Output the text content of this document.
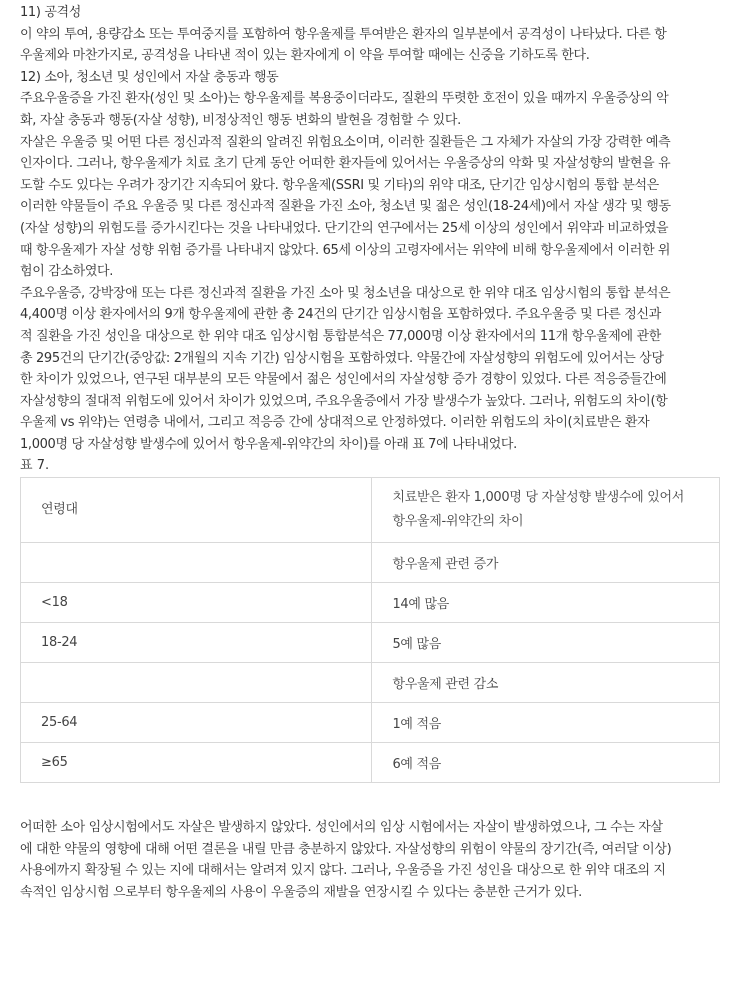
11) 공격성
이 약의 투여, 용량감소 또는 투여중지를 포함하여 항우울제를 투여받은 환자의 일부분에서 공격성이 나타났다. 다른 항
우울제와 마찬가지로, 공격성을 나타낸 적이 있는 환자에게 이 약을 투여할 때에는 신중을 기하도록 한다.
12) 소아, 청소년 및 성인에서 자살 충동과 행동
주요우울증을 가진 환자(성인 및 소아)는 항우울제를 복용중이더라도, 질환의 뚜렷한 호전이 있을 때까지 우울증상의 악
화, 자살 충동과 행동(자살 성향), 비정상적인 행동 변화의 발현을 경험할 수 있다.
자살은 우울증 및 어떤 다른 정신과적 질환의 알려진 위험요소이며, 이러한 질환들은 그 자체가 자살의 가장 강력한 예측
인자이다. 그러나, 항우울제가 치료 초기 단계 동안 어떠한 환자들에 있어서는 우울증상의 악화 및 자살성향의 발현을 유
도할 수도 있다는 우려가 장기간 지속되어 왔다. 항우울제(SSRI 및 기타)의 위약 대조, 단기간 임상시험의 통합 분석은
이러한 약물들이 주요 우울증 및 다른 정신과적 질환을 가진 소아, 청소년 및 젊은 성인(18-24세)에서 자살 생각 및 행동
(자살 성향)의 위험도를 증가시킨다는 것을 나타내었다. 단기간의 연구에서는 25세 이상의 성인에서 위약과 비교하였을
때 항우울제가 자살 성향 위험 증가를 나타내지 않았다. 65세 이상의 고령자에서는 위약에 비해 항우울제에서 이러한 위
험이 감소하였다.
주요우울증, 강박장애 또는 다른 정신과적 질환을 가진 소아 및 청소년을 대상으로 한 위약 대조 임상시험의 통합 분석은
4,400명 이상 환자에서의 9개 항우울제에 관한 총 24건의 단기간 임상시험을 포함하였다. 주요우울증 및 다른 정신과
적 질환을 가진 성인을 대상으로 한 위약 대조 임상시험 통합분석은 77,000명 이상 환자에서의 11개 항우울제에 관한
총 295건의 단기간(중앙값: 2개월의 지속 기간) 임상시험을 포함하였다. 약물간에 자살성향의 위험도에 있어서는 상당
한 차이가 있었으나, 연구된 대부분의 모든 약물에서 젊은 성인에서의 자살성향 증가 경향이 있었다. 다른 적응증들간에
자살성향의 절대적 위험도에 있어서 차이가 있었으며, 주요우울증에서 가장 발생수가 높았다. 그러나, 위험도의 차이(항
우울제 vs 위약)는 연령층 내에서, 그리고 적응증 간에 상대적으로 안정하였다. 이러한 위험도의 차이(치료받은 환자
1,000명 당 자살성향 발생수에 있어서 항우울제-위약간의 차이)를 아래 표 7에 나타내었다.
표 7.
연령대	치료받은 환자 1,000명 당 자살성향 발생수에 있어서
항우울제-위약간의 차이

	항우울제 관련 증가
<18	14예 많음
18-24	5예 많음
	항우울제 관련 감소
25-64	1예 적음
≥65	6예 적음
어떠한 소아 임상시험에서도 자살은 발생하지 않았다. 성인에서의 임상 시험에서는 자살이 발생하였으나, 그 수는 자살
에 대한 약물의 영향에 대해 어떤 결론을 내릴 만큼 충분하지 않았다. 자살성향의 위험이 약물의 장기간(즉, 여러달 이상)
사용에까지 확장될 수 있는 지에 대해서는 알려져 있지 않다. 그러나, 우울증을 가진 성인을 대상으로 한 위약 대조의 지
속적인 임상시험 으로부터 항우울제의 사용이 우울증의 재발을 연장시킬 수 있다는 충분한 근거가 있다.
